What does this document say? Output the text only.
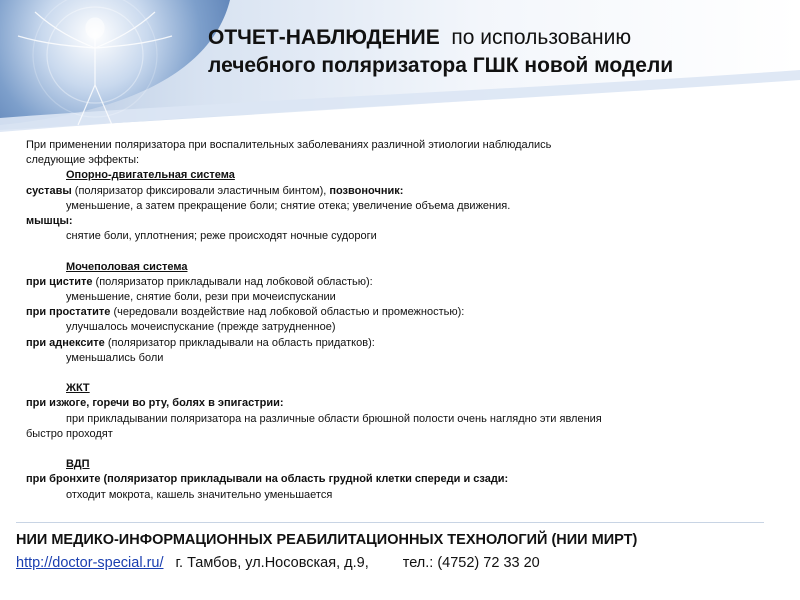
ОТЧЕТ-НАБЛЮДЕНИЕ по использованию
лечебного поляризатора ГШК новой модели
При применении поляризатора при воспалительных заболеваниях различной этиологии наблюдались
следующие эффекты:
Опорно-двигательная система
суставы (поляризатор фиксировали эластичным бинтом), позвоночник:
уменьшение, а затем прекращение боли; снятие отека; увеличение объема движения.
мышцы:
снятие боли, уплотнения; реже происходят ночные судороги
Мочеполовая система
при цистите (поляризатор прикладывали над лобковой областью):
уменьшение, снятие боли, рези при мочеиспускании
при простатите (чередовали воздействие над лобковой областью и промежностью):
улучшалось мочеиспускание (прежде затрудненное)
при аднексите (поляризатор прикладывали на область придатков):
уменьшались боли
ЖКТ
при изжоге, горечи во рту, болях в эпигастрии:
при прикладывании поляризатора на различные области брюшной полости очень наглядно эти явления
быстро проходят
ВДП
при бронхите (поляризатор прикладывали на область грудной клетки спереди и сзади:
отходит мокрота, кашель значительно уменьшается
НИИ МЕДИКО-ИНФОРМАЦИОННЫХ РЕАБИЛИТАЦИОННЫХ ТЕХНОЛОГИЙ (НИИ МИРТ)
http://doctor-special.ru/ г. Тамбов, ул.Носовская, д.9, тел.: (4752) 72 33 20
